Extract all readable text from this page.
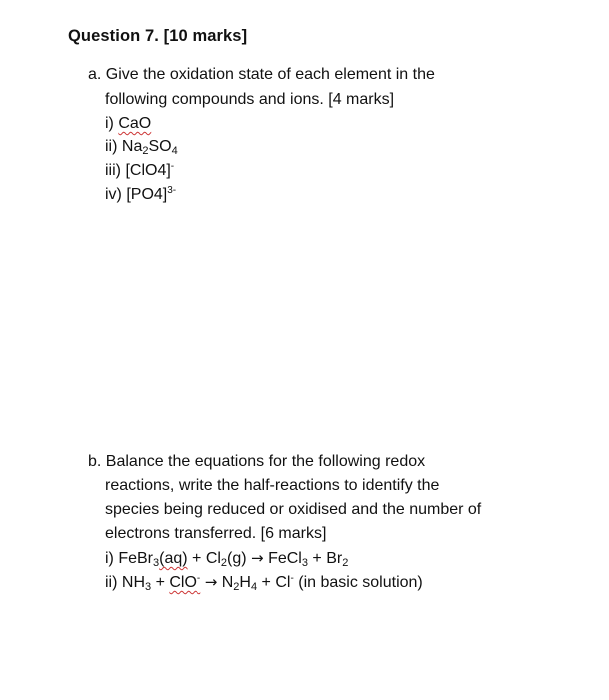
Question 7. [10 marks]
a. Give the oxidation state of each element in the
following compounds and ions. [4 marks]
i) CaO
ii) $Na_2SO_4$
iii) [ClO4]-
iv) $[PO4]^{3-}$
b. Balance the equations for the following redox
reactions, write the half-reactions to identify the
species being reduced or oxidised and the number of
electrons transferred. [6 marks]
i) FeBr$_3$(aq) + $Cl_2(g)$ → FeCl$_3$ + $Br_2$
ii) $NH_3 + ClO^- \to N_2H_4 + Cl^-$ (in basic solution)
